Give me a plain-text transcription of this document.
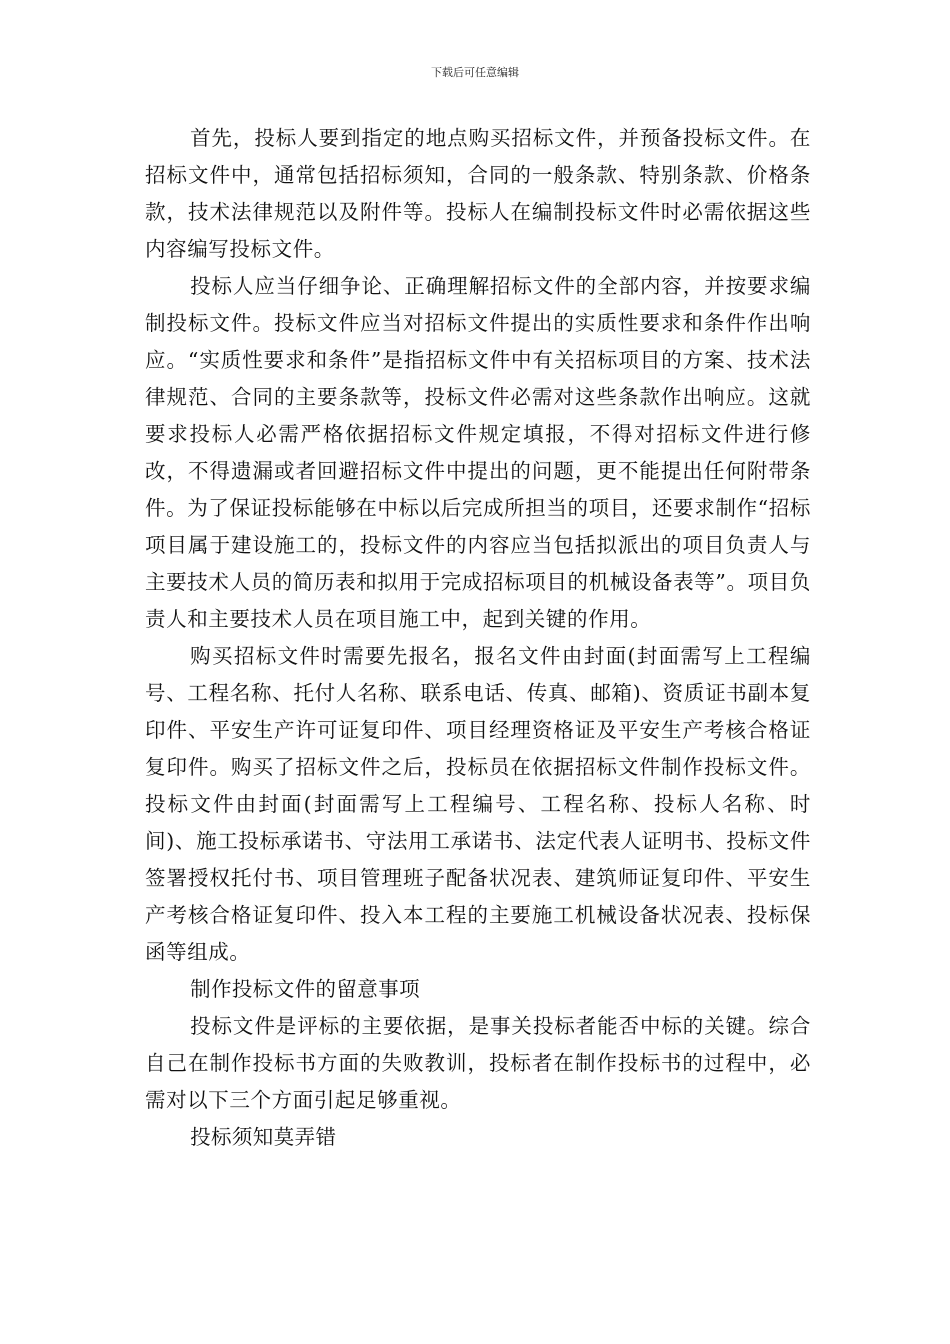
下载后可任意编辑

首先，投标人要到指定的地点购买招标文件，并预备投标文件。在招标文件中，通常包括招标须知，合同的一般条款、特别条款、价格条款，技术法律规范以及附件等。投标人在编制投标文件时必需依据这些内容编写投标文件。

投标人应当仔细争论、正确理解招标文件的全部内容，并按要求编制投标文件。投标文件应当对招标文件提出的实质性要求和条件作出响应。“实质性要求和条件”是指招标文件中有关招标项目的方案、技术法律规范、合同的主要条款等，投标文件必需对这些条款作出响应。这就要求投标人必需严格依据招标文件规定填报，不得对招标文件进行修改，不得遗漏或者回避招标文件中提出的问题，更不能提出任何附带条件。为了保证投标能够在中标以后完成所担当的项目，还要求制作“招标项目属于建设施工的，投标文件的内容应当包括拟派出的项目负责人与主要技术人员的简历表和拟用于完成招标项目的机械设备表等”。项目负责人和主要技术人员在项目施工中，起到关键的作用。

购买招标文件时需要先报名，报名文件由封面(封面需写上工程编号、工程名称、托付人名称、联系电话、传真、邮箱)、资质证书副本复印件、平安生产许可证复印件、项目经理资格证及平安生产考核合格证复印件。购买了招标文件之后，投标员在依据招标文件制作投标文件。投标文件由封面(封面需写上工程编号、工程名称、投标人名称、时间)、施工投标承诺书、守法用工承诺书、法定代表人证明书、投标文件签署授权托付书、项目管理班子配备状况表、建筑师证复印件、平安生产考核合格证复印件、投入本工程的主要施工机械设备状况表、投标保函等组成。

制作投标文件的留意事项

投标文件是评标的主要依据，是事关投标者能否中标的关键。综合自己在制作投标书方面的失败教训，投标者在制作投标书的过程中，必需对以下三个方面引起足够重视。

投标须知莫弄错
